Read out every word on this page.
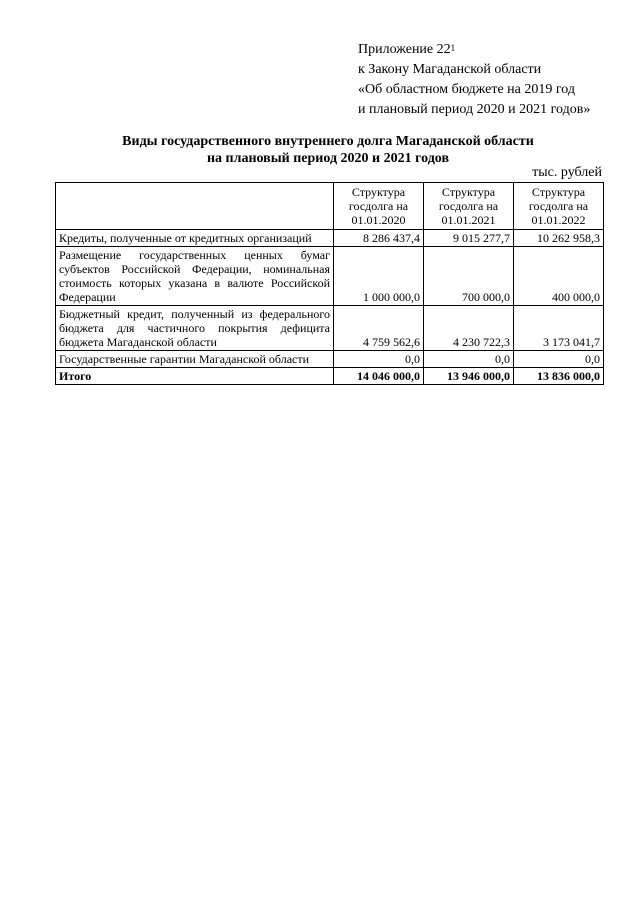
Приложение $22^1$
к Закону Магаданской области
«Об областном бюджете на 2019 год
и плановый период 2020 и 2021 годов»
Виды государственного внутреннего долга Магаданской области
на плановый период 2020 и 2021 годов
тыс. рублей
	Структура госдолга на 01.01.2020	Структура госдолга на 01.01.2021	Структура госдолга на 01.01.2022
Кредиты, полученные от кредитных организаций	8 286 437,4	9 015 277,7	10 262 958,3
Размещение государственных ценных бумаг субъектов Российской Федерации, номинальная стоимость которых указана в валюте Российской Федерации	1 000 000,0	700 000,0	400 000,0
Бюджетный кредит, полученный из федерального бюджета для частичного покрытия дефицита бюджета Магаданской области	4 759 562,6	4 230 722,3	3 173 041,7
Государственные гарантии Магаданской области	0,0	0,0	0,0
Итого	14 046 000,0	13 946 000,0	13 836 000,0
